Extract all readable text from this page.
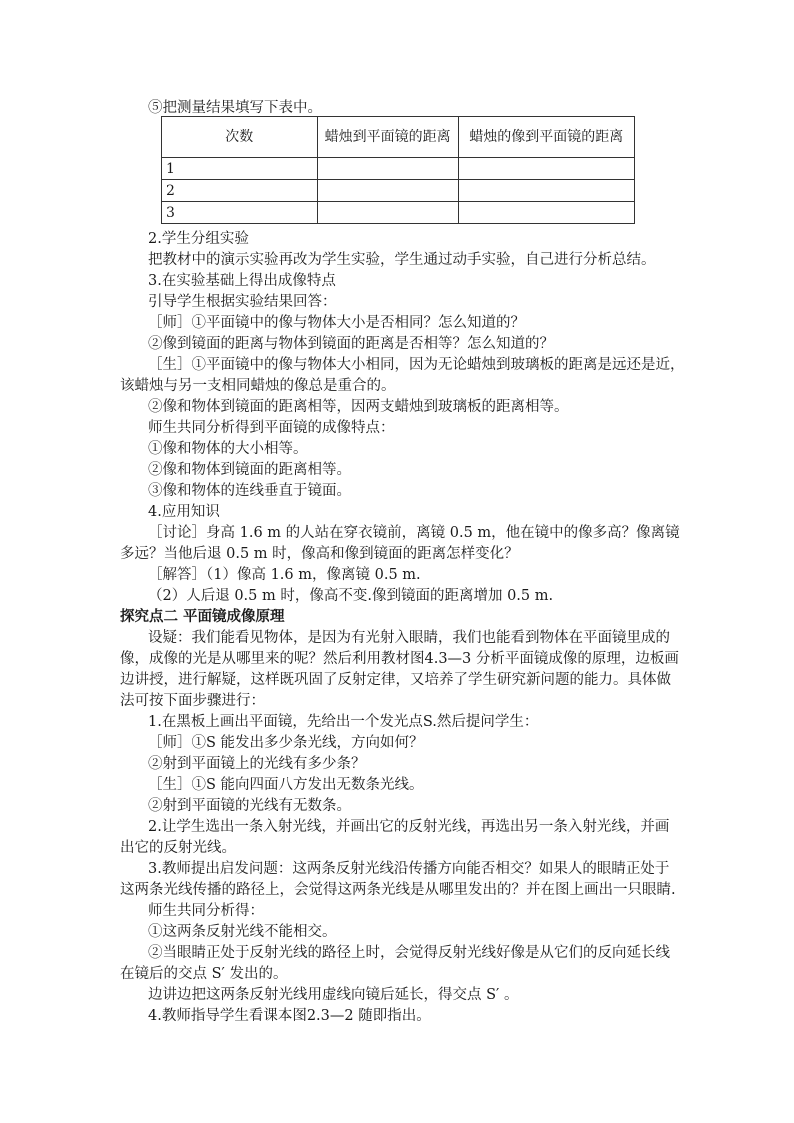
⑤把测量结果填写下表中。
次数	蜡烛到平面镜的距离	蜡烛的像到平面镜的距离
1		
2		
3		
2.学生分组实验
把教材中的演示实验再改为学生实验，学生通过动手实验，自己进行分析总结。
3.在实验基础上得出成像特点
引导学生根据实验结果回答：
［师］①平面镜中的像与物体大小是否相同？怎么知道的？
②像到镜面的距离与物体到镜面的距离是否相等？怎么知道的？
［生］①平面镜中的像与物体大小相同，因为无论蜡烛到玻璃板的距离是远还是近，
该蜡烛与另一支相同蜡烛的像总是重合的。
②像和物体到镜面的距离相等，因两支蜡烛到玻璃板的距离相等。
师生共同分析得到平面镜的成像特点：
①像和物体的大小相等。
②像和物体到镜面的距离相等。
③像和物体的连线垂直于镜面。
4.应用知识
［讨论］身高 1.6 m 的人站在穿衣镜前，离镜 0.5 m，他在镜中的像多高？像离镜
多远？当他后退 0.5 m 时，像高和像到镜面的距离怎样变化？
［解答］（1）像高 1.6 m，像离镜 0.5 m.
（2）人后退 0.5 m 时，像高不变.像到镜面的距离增加 0.5 m.
探究点二 平面镜成像原理
设疑：我们能看见物体，是因为有光射入眼睛，我们也能看到物体在平面镜里成的
像，成像的光是从哪里来的呢？然后利用教材图4.3—3 分析平面镜成像的原理，边板画
边讲授，进行解疑，这样既巩固了反射定律，又培养了学生研究新问题的能力。具体做
法可按下面步骤进行：
1.在黑板上画出平面镜，先给出一个发光点S.然后提问学生：
［师］①S 能发出多少条光线，方向如何？
②射到平面镜上的光线有多少条？
［生］①S 能向四面八方发出无数条光线。
②射到平面镜的光线有无数条。
2.让学生选出一条入射光线，并画出它的反射光线，再选出另一条入射光线，并画
出它的反射光线。
3.教师提出启发问题：这两条反射光线沿传播方向能否相交？如果人的眼睛正处于
这两条光线传播的路径上，会觉得这两条光线是从哪里发出的？并在图上画出一只眼睛.
师生共同分析得：
①这两条反射光线不能相交。
②当眼睛正处于反射光线的路径上时，会觉得反射光线好像是从它们的反向延长线
在镜后的交点 S′ 发出的。
边讲边把这两条反射光线用虚线向镜后延长，得交点 S′ 。
4.教师指导学生看课本图2.3—2 随即指出。
